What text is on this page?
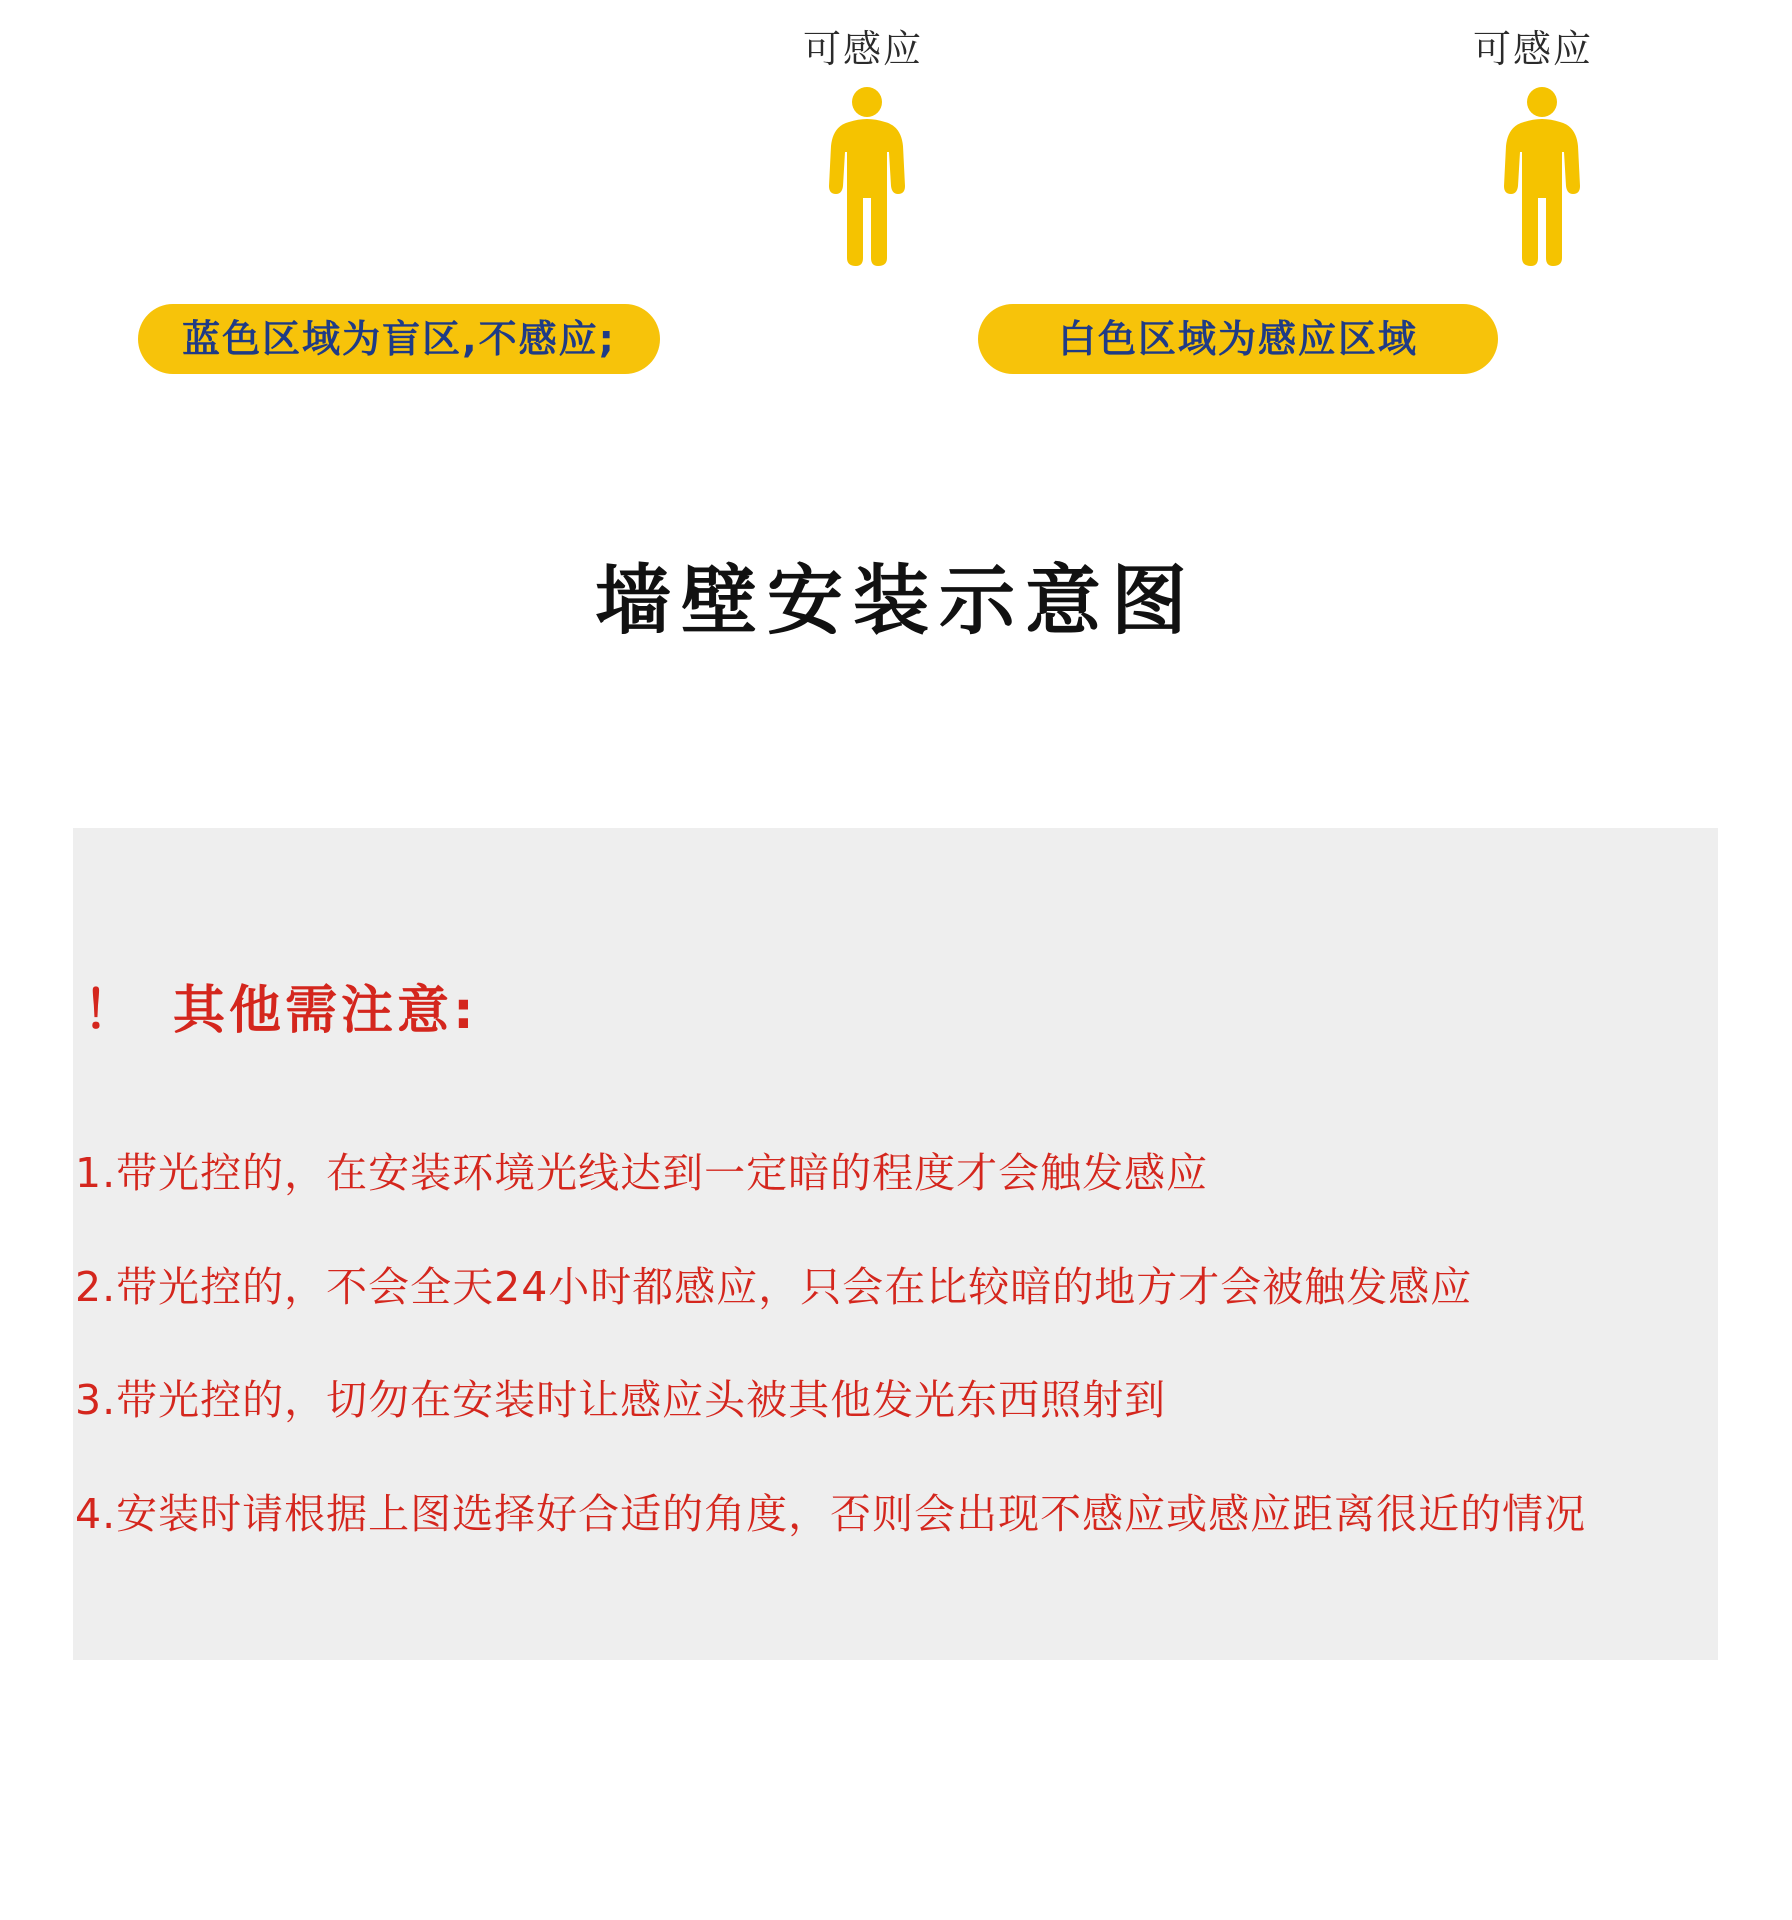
3-6M
不感应	可感应	可感应
蓝色区域为盲区,不感应;	白色区域为感应区域
墙壁安装示意图
！ 其他需注意:
1.带光控的，在安装环境光线达到一定暗的程度才会触发感应
2.带光控的，不会全天24小时都感应，只会在比较暗的地方才会被触发感应
3.带光控的，切勿在安装时让感应头被其他发光东西照射到
4.安装时请根据上图选择好合适的角度，否则会出现不感应或感应距离很近的情况
